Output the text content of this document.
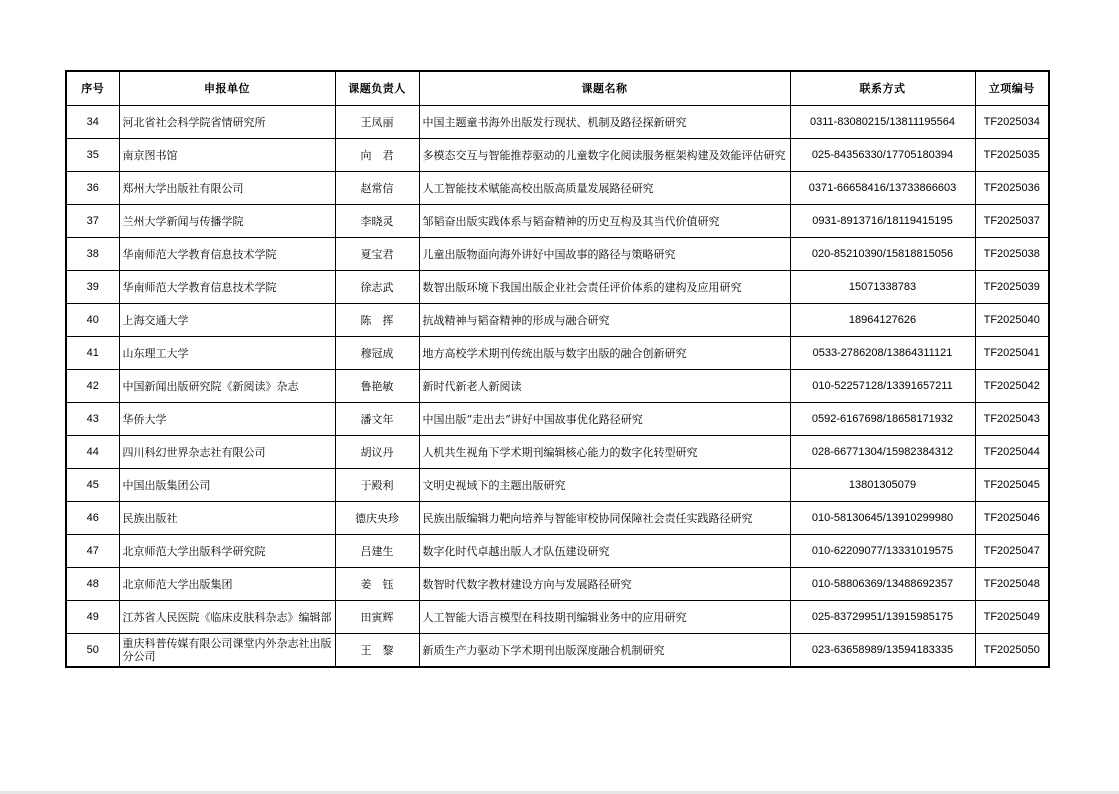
序号	申报单位	课题负责人	课题名称	联系方式	立项编号
34	河北省社会科学院省情研究所	王凤丽	中国主题童书海外出版发行现状、机制及路径探新研究	0311-83080215/13811195564	TF2025034
35	南京图书馆	向　君	多模态交互与智能推荐驱动的儿童数字化阅读服务框架构建及效能评估研究	025-84356330/17705180394	TF2025035
36	郑州大学出版社有限公司	赵常信	人工智能技术赋能高校出版高质量发展路径研究	0371-66658416/13733866603	TF2025036
37	兰州大学新闻与传播学院	李晓灵	邹韬奋出版实践体系与韬奋精神的历史互构及其当代价值研究	0931-8913716/18119415195	TF2025037
38	华南师范大学教育信息技术学院	夏宝君	儿童出版物面向海外讲好中国故事的路径与策略研究	020-85210390/15818815056	TF2025038
39	华南师范大学教育信息技术学院	徐志武	数智出版环境下我国出版企业社会责任评价体系的建构及应用研究	15071338783	TF2025039
40	上海交通大学	陈　挥	抗战精神与韬奋精神的形成与融合研究	18964127626	TF2025040
41	山东理工大学	穆冠成	地方高校学术期刊传统出版与数字出版的融合创新研究	0533-2786208/13864311121	TF2025041
42	中国新闻出版研究院《新阅读》杂志	鲁艳敏	新时代新老人新阅读	010-52257128/13391657211	TF2025042
43	华侨大学	潘文年	中国出版“走出去”讲好中国故事优化路径研究	0592-6167698/18658171932	TF2025043
44	四川科幻世界杂志社有限公司	胡议丹	人机共生视角下学术期刊编辑核心能力的数字化转型研究	028-66771304/15982384312	TF2025044
45	中国出版集团公司	于殿利	文明史视域下的主题出版研究	13801305079	TF2025045
46	民族出版社	德庆央珍	民族出版编辑力靶向培养与智能审校协同保障社会责任实践路径研究	010-58130645/13910299980	TF2025046
47	北京师范大学出版科学研究院	吕建生	数字化时代卓越出版人才队伍建设研究	010-62209077/13331019575	TF2025047
48	北京师范大学出版集团	姜　钰	数智时代数字教材建设方向与发展路径研究	010-58806369/13488692357	TF2025048
49	江苏省人民医院《临床皮肤科杂志》编辑部	田寅辉	人工智能大语言模型在科技期刊编辑业务中的应用研究	025-83729951/13915985175	TF2025049
50	重庆科普传媒有限公司课堂内外杂志社出版分公司	王　黎	新质生产力驱动下学术期刊出版深度融合机制研究	023-63658989/13594183335	TF2025050
